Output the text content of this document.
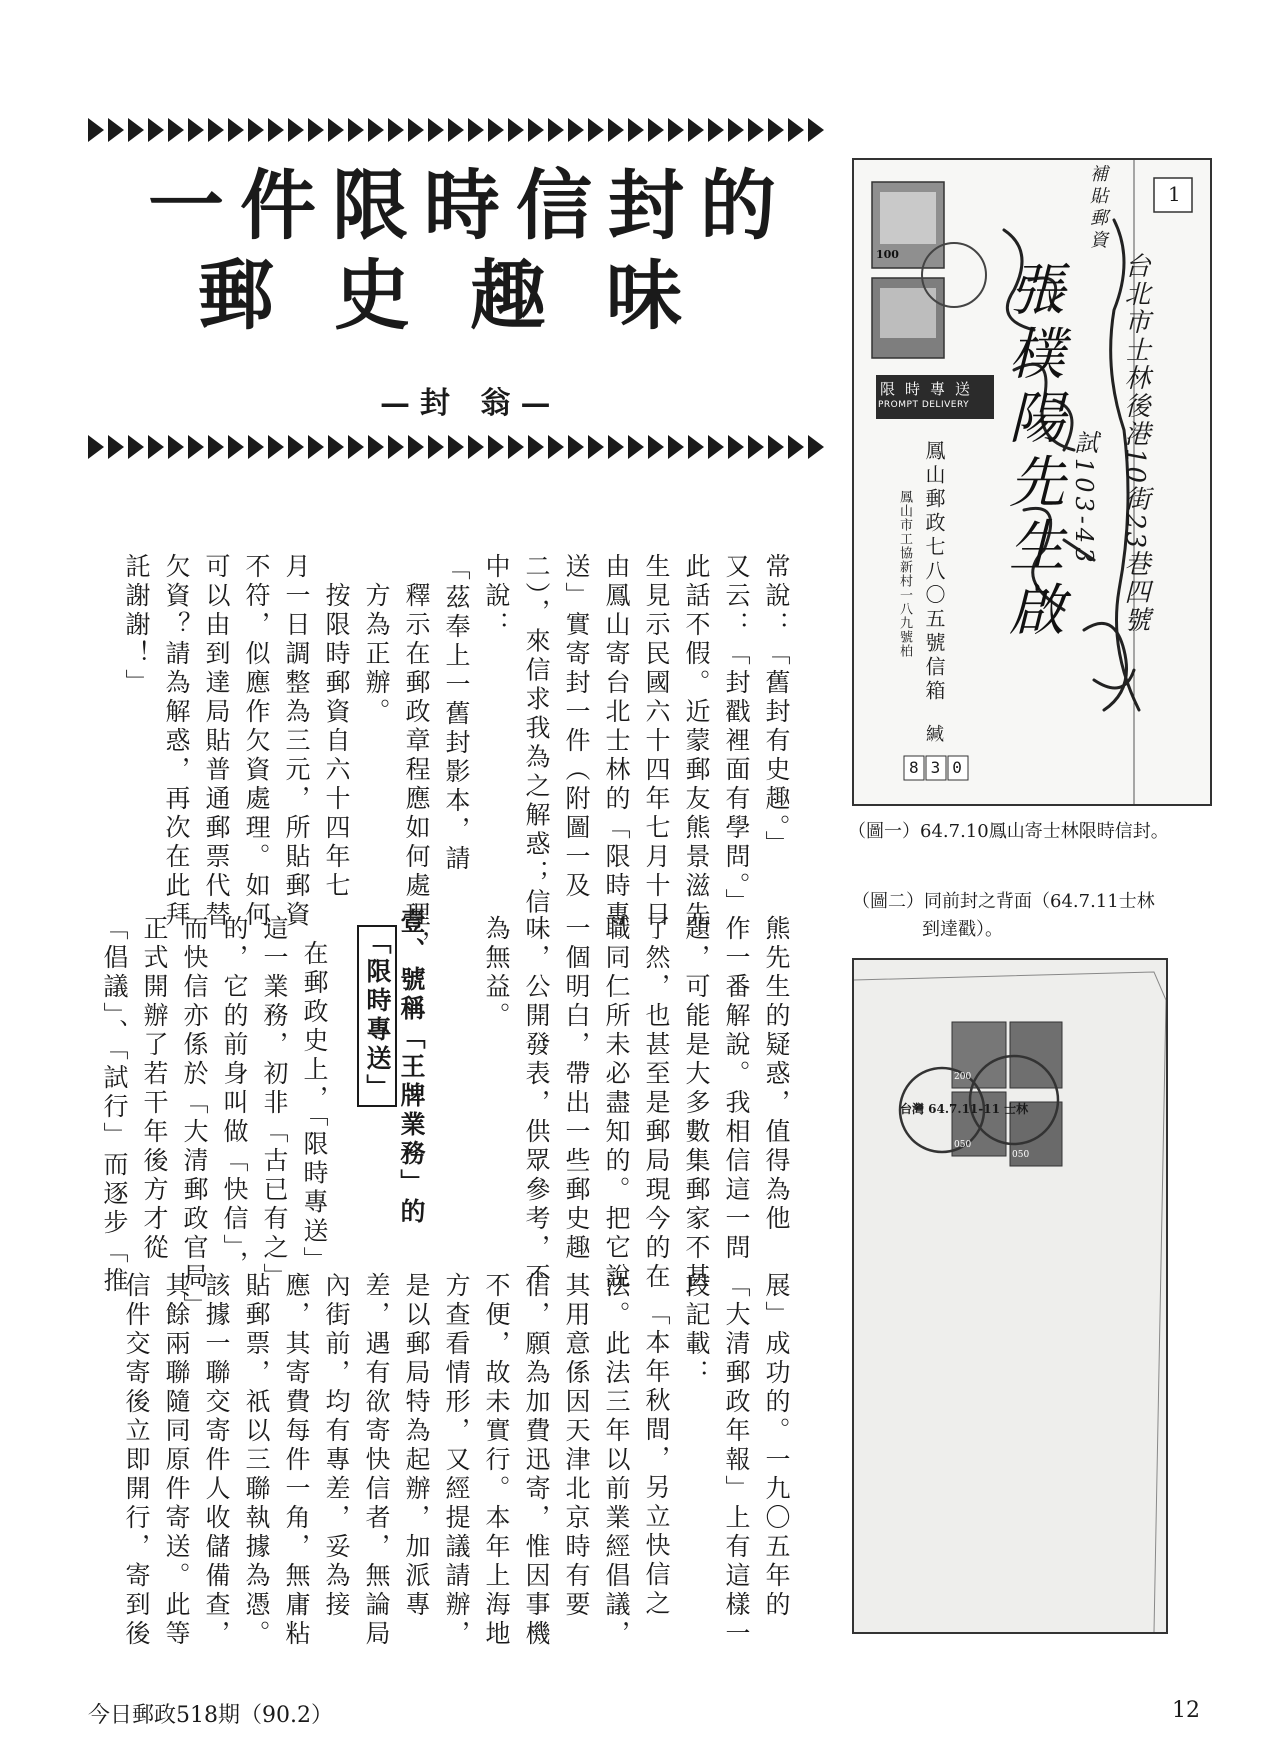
一件限時信封的
郵史趣味
—封 翁—
常說：「舊封有史趣。」
又云：「封戳裡面有學問。」
此話不假。近蒙郵友熊景滋先
生見示民國六十四年七月十日
由鳳山寄台北士林的「限時專
送」實寄封一件（附圖一及
二），來信求我為之解惑；信
中說：
「茲奉上一舊封影本，請
釋示在郵政章程應如何處理，
方為正辦。
按限時郵資自六十四年七
月一日調整為三元，所貼郵資
不符，似應作欠資處理。如何
可以由到達局貼普通郵票代替
欠資？請為解惑，再次在此拜
託謝謝！」
熊先生的疑惑，值得為他
作一番解說。我相信這一問
題，可能是大多數集郵家不甚
了然，也甚至是郵局現今的在
職同仁所未必盡知的。把它說
一個明白，帶出一些郵史趣
味，公開發表，供眾參考，不
為無益。
在郵政史上，「限時專送」
這一業務，初非「古已有之」
的，它的前身叫做「快信」，
而快信亦係於「大清郵政官局」
正式開辦了若干年後方才從
「倡議」、「試行」而逐步「推
展」成功的。一九〇五年的
「大清郵政年報」上有這樣一
段記載：
「本年秋間，另立快信之
法。此法三年以前業經倡議，
其用意係因天津北京時有要
信，願為加費迅寄，惟因事機
不便，故未實行。本年上海地
方查看情形，又經提議請辦，
是以郵局特為起辦，加派專
差，遇有欲寄快信者，無論局
內街前，均有專差，妥為接
應，其寄費每件一角，無庸粘
貼郵票，祇以三聯執據為憑。
該據一聯交寄件人收儲備查，
其餘兩聯隨同原件寄送。此等
信件交寄後立即開行，寄到後
壹、號稱「王牌業務」的
「限時專送」
100
限時專送
PROMPT DELIVERY
鳳山郵政七八〇五號信箱
鳳山市工協新村一八九號柏
緘
830
1
補貼郵資
台北市士林後港10街23巷四號
張樸陽先生啟 試103-43
（圖一）64.7.10鳳山寄士林限時信封。
（圖二）同前封之背面（64.7.11士林
到達戳）。
台灣 64.7.11-11 士林
200
050
050
今日郵政518期（90.2）	12
